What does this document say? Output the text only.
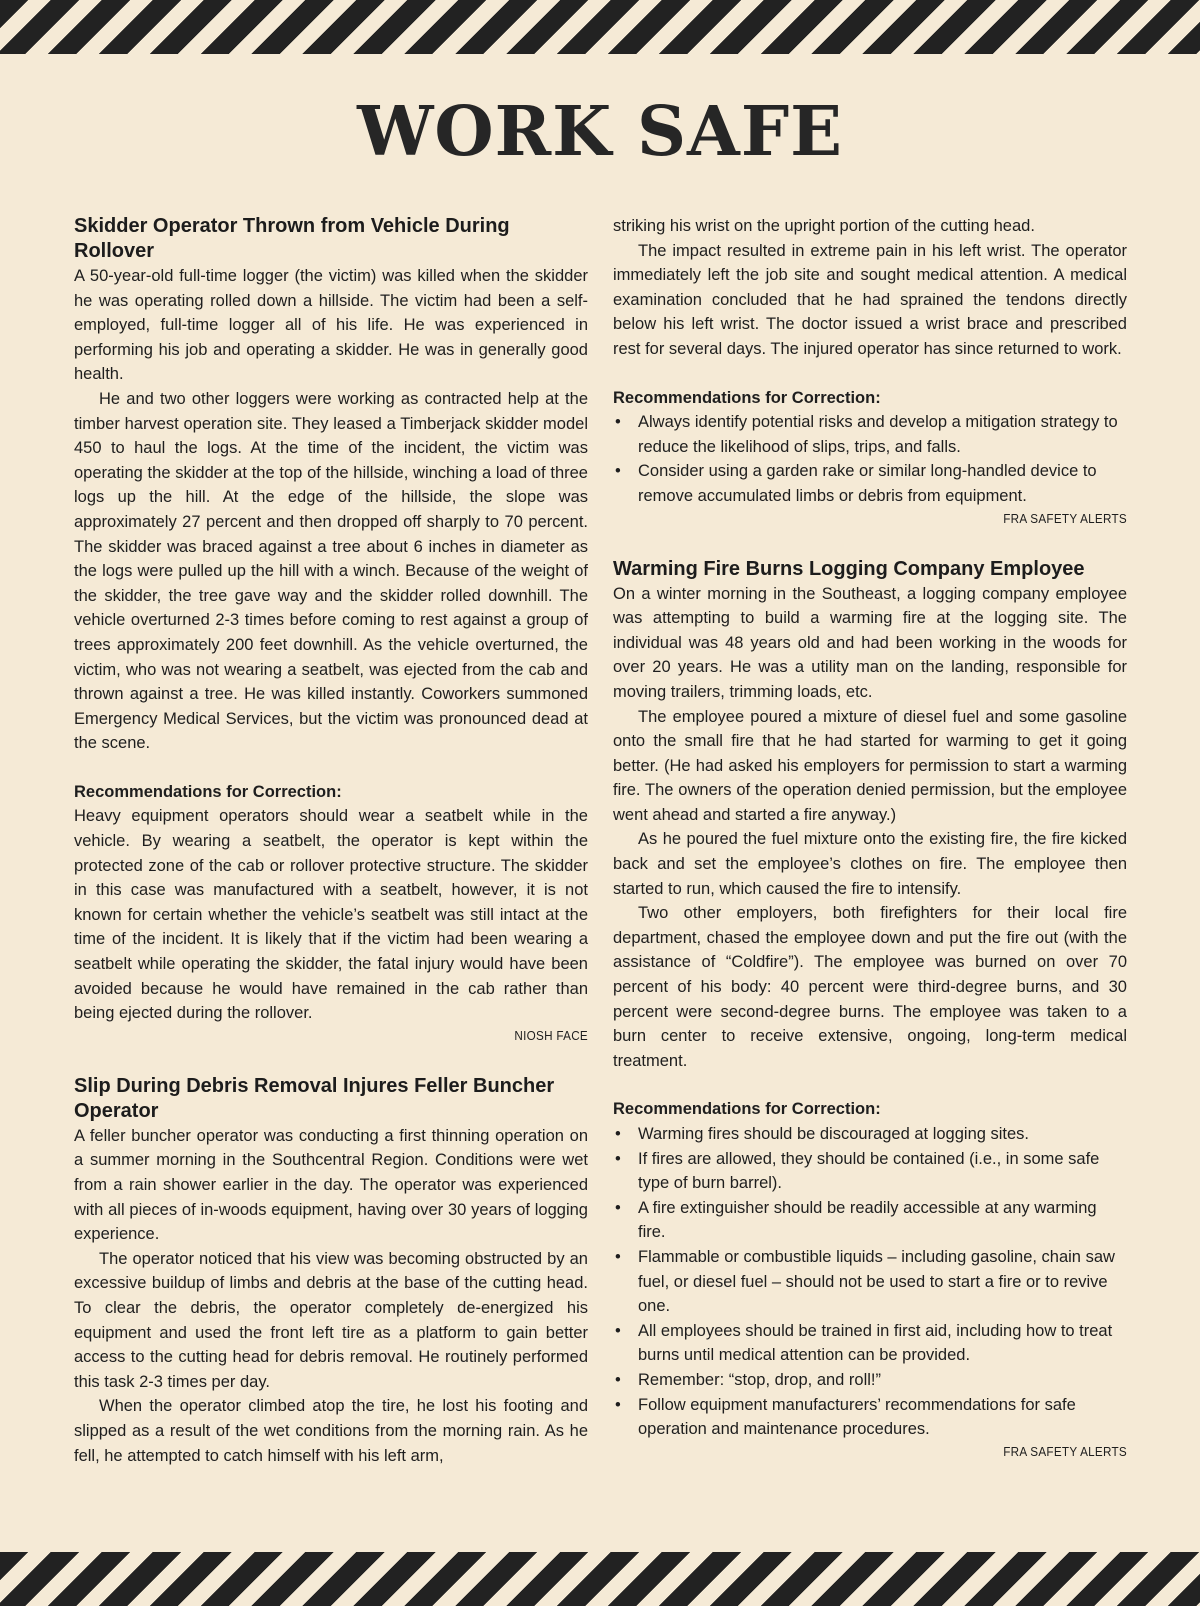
WORK SAFE
Skidder Operator Thrown from Vehicle During Rollover

A 50-year-old full-time logger (the victim) was killed when the skidder he was operating rolled down a hillside. The victim had been a self-employed, full-time logger all of his life. He was experienced in performing his job and operating a skidder. He was in generally good health.

He and two other loggers were working as contracted help at the timber harvest operation site. They leased a Timberjack skidder model 450 to haul the logs. At the time of the incident, the victim was operating the skidder at the top of the hillside, winching a load of three logs up the hill. At the edge of the hillside, the slope was approximately 27 percent and then dropped off sharply to 70 percent. The skidder was braced against a tree about 6 inches in diameter as the logs were pulled up the hill with a winch. Because of the weight of the skidder, the tree gave way and the skidder rolled downhill. The vehicle overturned 2-3 times before coming to rest against a group of trees approximately 200 feet downhill. As the vehicle overturned, the victim, who was not wearing a seatbelt, was ejected from the cab and thrown against a tree. He was killed instantly. Coworkers summoned Emergency Medical Services, but the victim was pronounced dead at the scene.

Recommendations for Correction:

Heavy equipment operators should wear a seatbelt while in the vehicle. By wearing a seatbelt, the operator is kept within the protected zone of the cab or rollover protective structure. The skidder in this case was manufactured with a seatbelt, however, it is not known for certain whether the vehicle’s seatbelt was still intact at the time of the incident. It is likely that if the victim had been wearing a seatbelt while operating the skidder, the fatal injury would have been avoided because he would have remained in the cab rather than being ejected during the rollover.

NIOSH FACE
Slip During Debris Removal Injures Feller Buncher Operator

A feller buncher operator was conducting a first thinning operation on a summer morning in the Southcentral Region. Conditions were wet from a rain shower earlier in the day. The operator was experienced with all pieces of in-woods equipment, having over 30 years of logging experience.

The operator noticed that his view was becoming obstructed by an excessive buildup of limbs and debris at the base of the cutting head. To clear the debris, the operator completely de-energized his equipment and used the front left tire as a platform to gain better access to the cutting head for debris removal. He routinely performed this task 2-3 times per day.

When the operator climbed atop the tire, he lost his footing and slipped as a result of the wet conditions from the morning rain. As he fell, he attempted to catch himself with his left arm,

striking his wrist on the upright portion of the cutting head.

The impact resulted in extreme pain in his left wrist. The operator immediately left the job site and sought medical attention. A medical examination concluded that he had sprained the tendons directly below his left wrist. The doctor issued a wrist brace and prescribed rest for several days. The injured operator has since returned to work.

Recommendations for Correction:
• Always identify potential risks and develop a mitigation strategy to reduce the likelihood of slips, trips, and falls.
• Consider using a garden rake or similar long-handled device to remove accumulated limbs or debris from equipment.
FRA SAFETY ALERTS
Warming Fire Burns Logging Company Employee

On a winter morning in the Southeast, a logging company employee was attempting to build a warming fire at the logging site. The individual was 48 years old and had been working in the woods for over 20 years. He was a utility man on the landing, responsible for moving trailers, trimming loads, etc.

The employee poured a mixture of diesel fuel and some gasoline onto the small fire that he had started for warming to get it going better. (He had asked his employers for permission to start a warming fire. The owners of the operation denied permission, but the employee went ahead and started a fire anyway.)

As he poured the fuel mixture onto the existing fire, the fire kicked back and set the employee’s clothes on fire. The employee then started to run, which caused the fire to intensify.

Two other employers, both firefighters for their local fire department, chased the employee down and put the fire out (with the assistance of “Coldfire”). The employee was burned on over 70 percent of his body: 40 percent were third-degree burns, and 30 percent were second-degree burns. The employee was taken to a burn center to receive extensive, ongoing, long-term medical treatment.

Recommendations for Correction:
• Warming fires should be discouraged at logging sites.
• If fires are allowed, they should be contained (i.e., in some safe type of burn barrel).
• A fire extinguisher should be readily accessible at any warming fire.
• Flammable or combustible liquids – including gasoline, chain saw fuel, or diesel fuel – should not be used to start a fire or to revive one.
• All employees should be trained in first aid, including how to treat burns until medical attention can be provided.
• Remember: “stop, drop, and roll!”
• Follow equipment manufacturers’ recommendations for safe operation and maintenance procedures.
FRA SAFETY ALERTS
